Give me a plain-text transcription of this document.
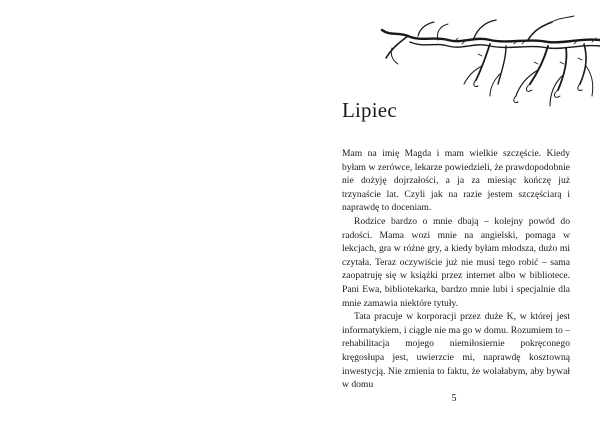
Lipiec

Mam na imię Magda i mam wielkie szczęście. Kiedy byłam w zerówce, lekarze powiedzieli, że prawdopodobnie nie dożyję dojrzałości, a ja za miesiąc kończę już trzynaście lat. Czyli jak na razie jestem szczęściarą i naprawdę to doceniam.

Rodzice bardzo o mnie dbają – kolejny powód do radości. Mama wozi mnie na angielski, pomaga w lekcjach, gra w różne gry, a kiedy byłam młodsza, dużo mi czytała. Teraz oczywiście już nie musi tego robić – sama zaopatruję się w książki przez internet albo w bibliotece. Pani Ewa, bibliotekarka, bardzo mnie lubi i specjalnie dla mnie zamawia niektóre tytuły.

Tata pracuje w korporacji przez duże K, w której jest informatykiem, i ciągle nie ma go w domu. Rozumiem to – rehabilitacja mojego niemiłosiernie pokręconego kręgosłupa jest, uwierzcie mi, naprawdę kosztowną inwestycją. Nie zmienia to faktu, że wolałabym, aby bywał w domu

5
